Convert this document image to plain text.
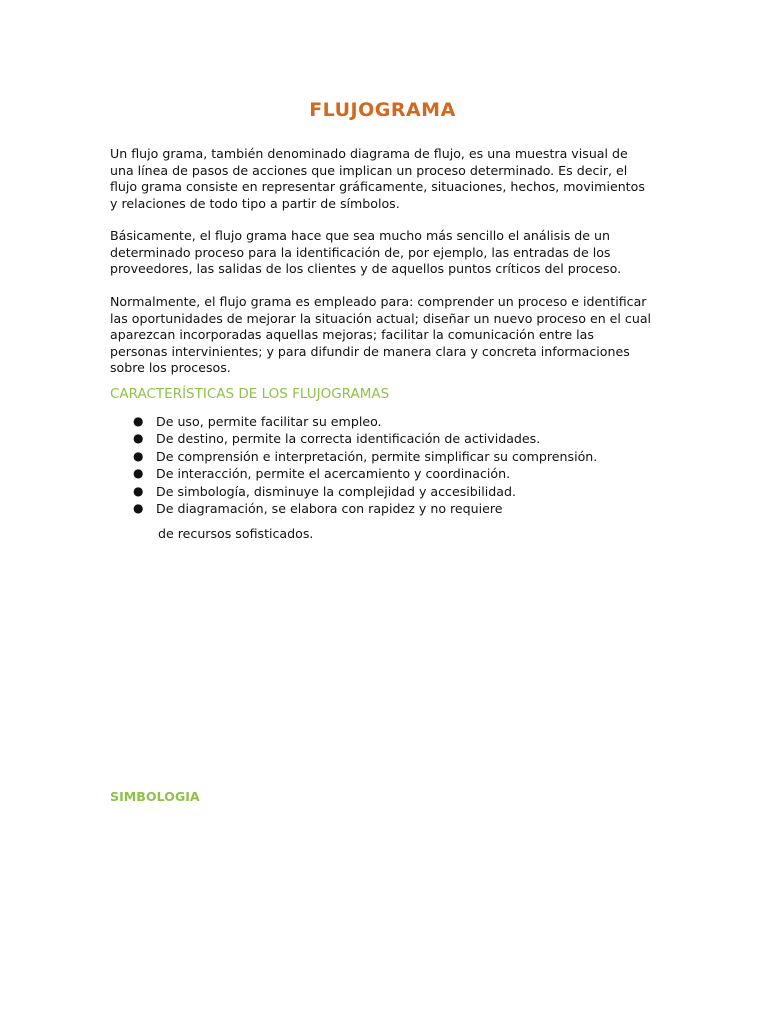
FLUJOGRAMA

Un flujo grama, también denominado diagrama de flujo, es una muestra visual de una línea de pasos de acciones que implican un proceso determinado. Es decir, el flujo grama consiste en representar gráficamente, situaciones, hechos, movimientos y relaciones de todo tipo a partir de símbolos.

Básicamente, el flujo grama hace que sea mucho más sencillo el análisis de un determinado proceso para la identificación de, por ejemplo, las entradas de los proveedores, las salidas de los clientes y de aquellos puntos críticos del proceso.

Normalmente, el flujo grama es empleado para: comprender un proceso e identificar las oportunidades de mejorar la situación actual; diseñar un nuevo proceso en el cual aparezcan incorporadas aquellas mejoras; facilitar la comunicación entre las personas intervinientes; y para difundir de manera clara y concreta informaciones sobre los procesos.

CARACTERÍSTICAS DE LOS FLUJOGRAMAS
● De uso, permite facilitar su empleo.
● De destino, permite la correcta identificación de actividades.
● De comprensión e interpretación, permite simplificar su comprensión.
● De interacción, permite el acercamiento y coordinación.
● De simbología, disminuye la complejidad y accesibilidad.
● De diagramación, se elabora con rapidez y no requiere

de recursos sofisticados.

SIMBOLOGIA
